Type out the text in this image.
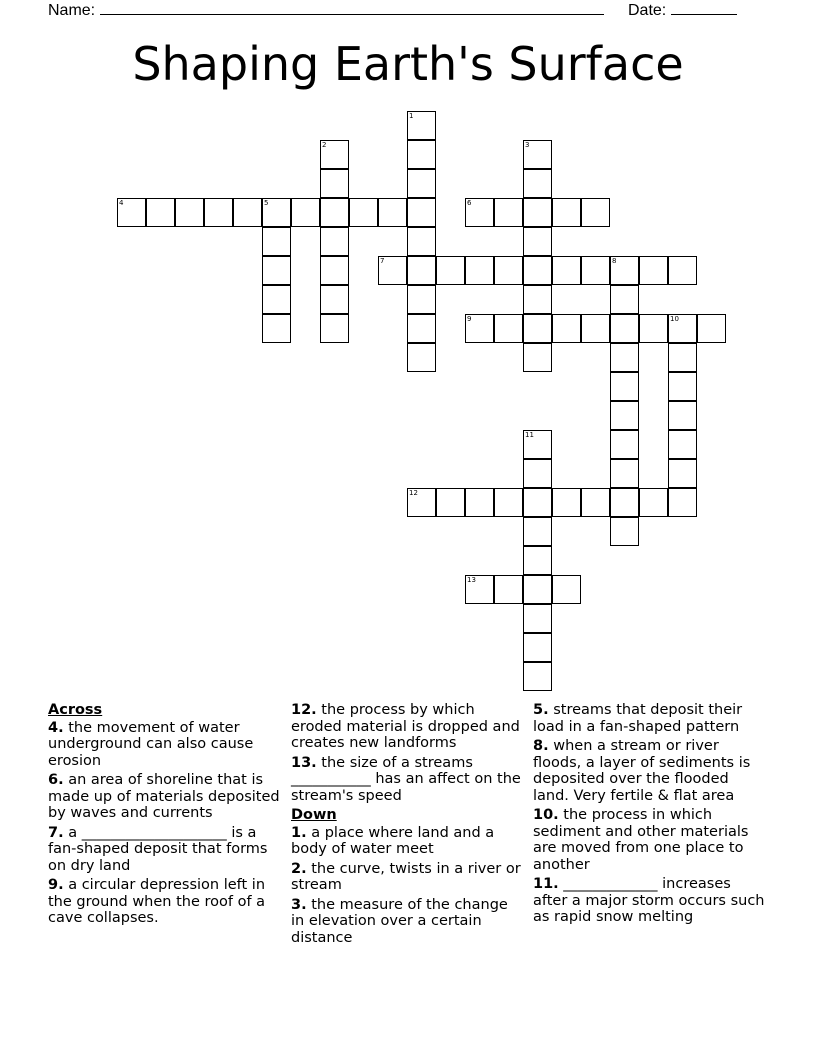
Name:	Date:
Shaping Earth's Surface
1
2	3
4	5	6
7	8
9	10
11
12
13

Across

4. the movement of water underground can also cause erosion

6. an area of shoreline that is made up of materials deposited by waves and currents

7. a ____________________ is a fan-shaped deposit that forms on dry land

9. a circular depression left in the ground when the roof of a cave collapses.

12. the process by which eroded material is dropped and creates new landforms

13. the size of a streams ___________ has an affect on the stream's speed

Down

1. a place where land and a body of water meet

2. the curve, twists in a river or stream

3. the measure of the change in elevation over a certain distance

5. streams that deposit their load in a fan-shaped pattern

8. when a stream or river floods, a layer of sediments is deposited over the flooded land. Very fertile & flat area

10. the process in which sediment and other materials are moved from one place to another

11. _____________ increases after a major storm occurs such as rapid snow melting
